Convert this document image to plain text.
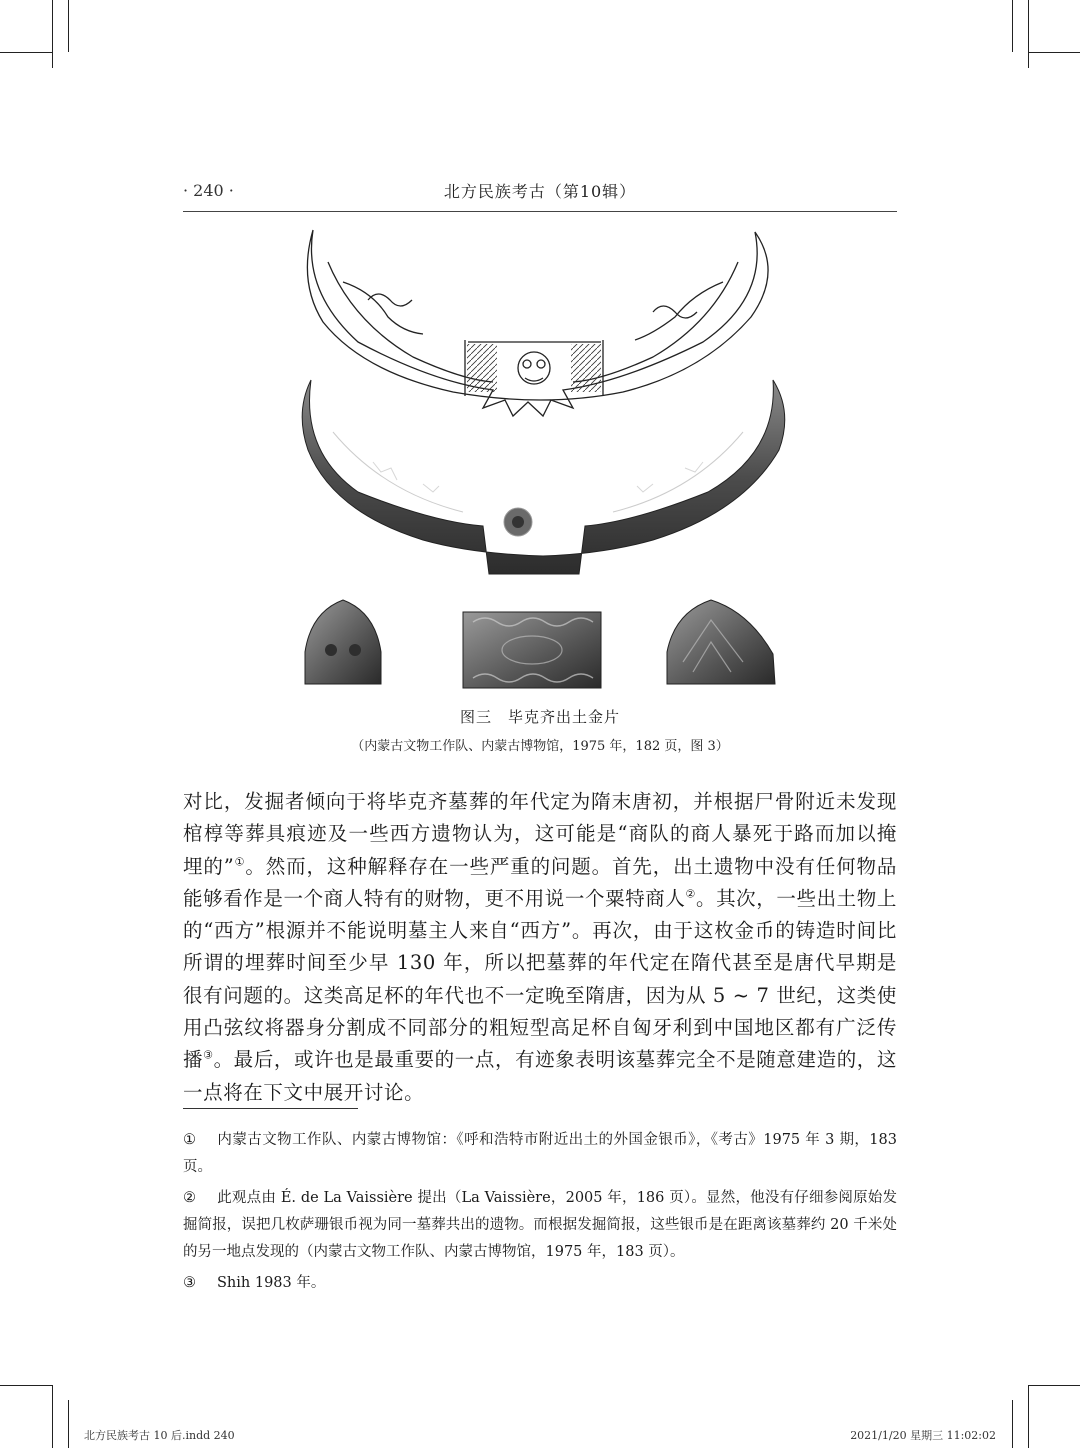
· 240 ·	北方民族考古（第10辑）
图三　毕克齐出土金片
（内蒙古文物工作队、内蒙古博物馆，1975 年，182 页，图 3）
对比，发掘者倾向于将毕克齐墓葬的年代定为隋末唐初，并根据尸骨附近未发现棺椁等葬具痕迹及一些西方遗物认为，这可能是“商队的商人暴死于路而加以掩埋的”①。然而，这种解释存在一些严重的问题。首先，出土遗物中没有任何物品能够看作是一个商人特有的财物，更不用说一个粟特商人②。其次，一些出土物上的“西方”根源并不能说明墓主人来自“西方”。再次，由于这枚金币的铸造时间比所谓的埋葬时间至少早 130 年，所以把墓葬的年代定在隋代甚至是唐代早期是很有问题的。这类高足杯的年代也不一定晚至隋唐，因为从 5 ~ 7 世纪，这类使用凸弦纹将器身分割成不同部分的粗短型高足杯自匈牙利到中国地区都有广泛传播③。最后，或许也是最重要的一点，有迹象表明该墓葬完全不是随意建造的，这一点将在下文中展开讨论。

① 内蒙古文物工作队、内蒙古博物馆：《呼和浩特市附近出土的外国金银币》，《考古》1975 年 3 期，183 页。

② 此观点由 É. de La Vaissière 提出（La Vaissière，2005 年，186 页）。显然，他没有仔细参阅原始发掘简报，误把几枚萨珊银币视为同一墓葬共出的遗物。而根据发掘简报，这些银币是在距离该墓葬约 20 千米处的另一地点发现的（内蒙古文物工作队、内蒙古博物馆，1975 年，183 页）。

③ Shih 1983 年。

北方民族考古 10 后.indd 240	2021/1/20 星期三 11:02:02
